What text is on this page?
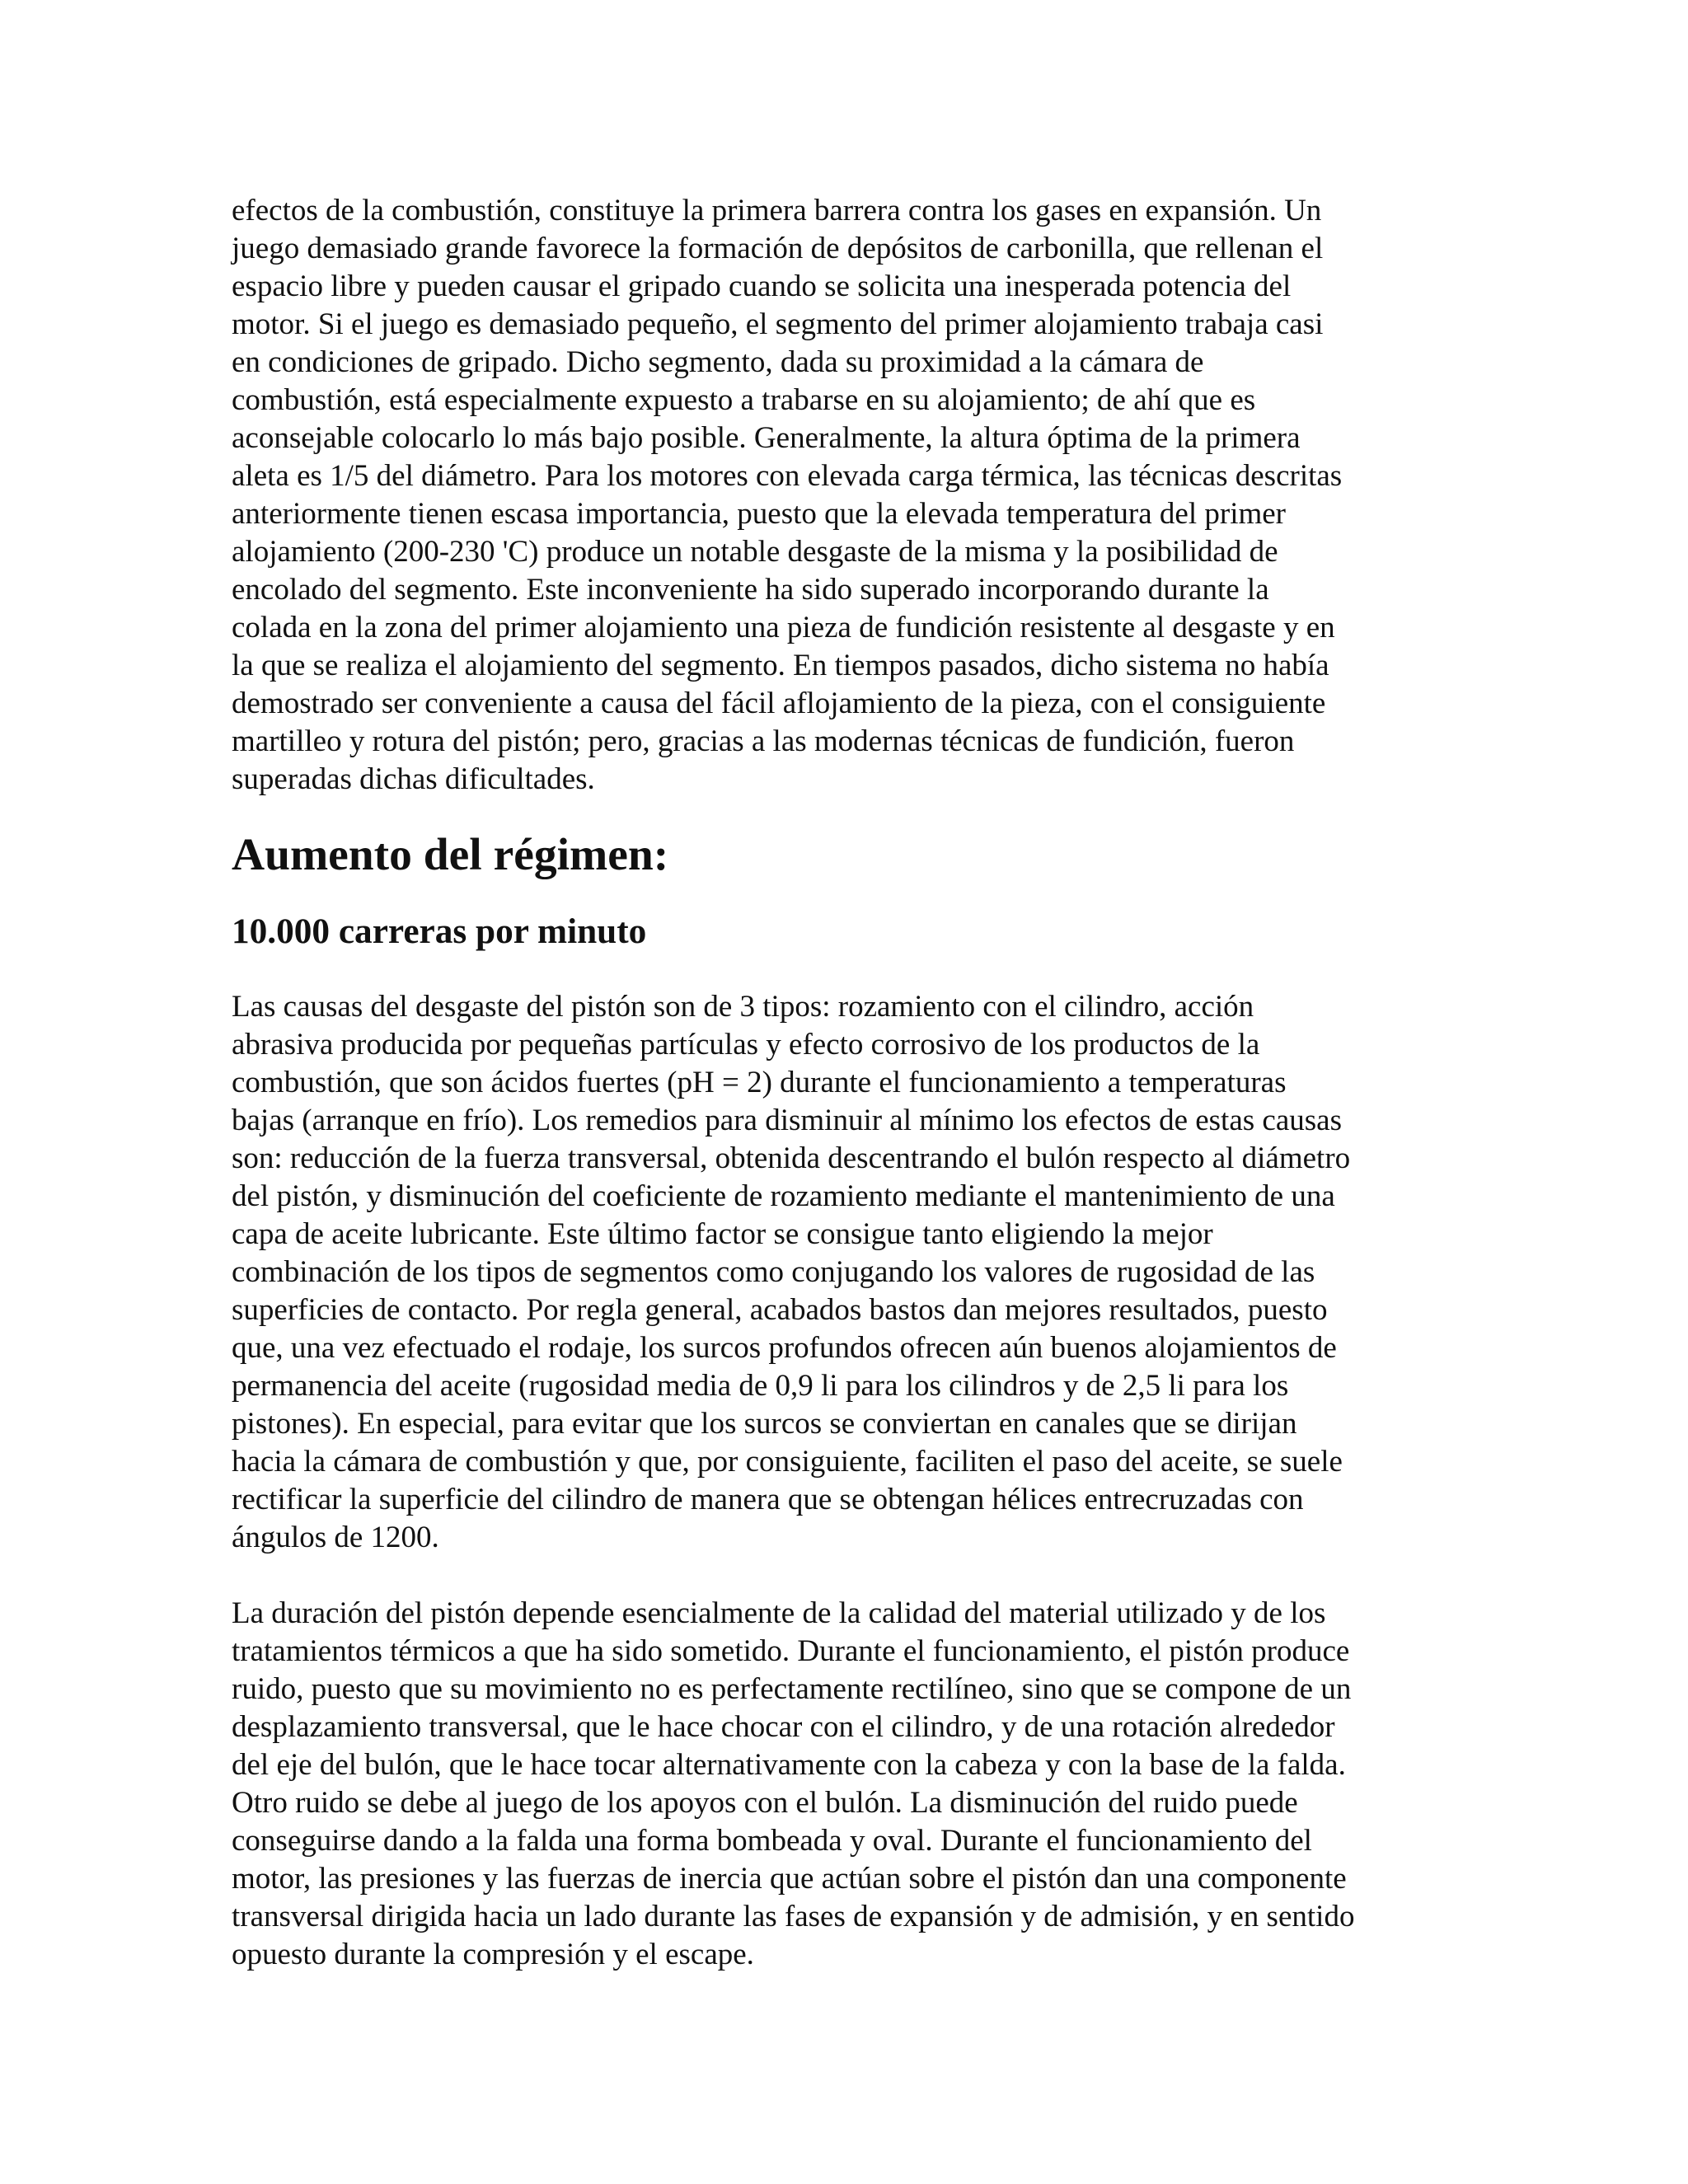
efectos de la combustión, constituye la primera barrera contra los gases en expansión. Un
juego demasiado grande favorece la formación de depósitos de carbonilla, que rellenan el
espacio libre y pueden causar el gripado cuando se solicita una inesperada potencia del
motor. Si el juego es demasiado pequeño, el segmento del primer alojamiento trabaja casi
en condiciones de gripado. Dicho segmento, dada su proximidad a la cámara de
combustión, está especialmente expuesto a trabarse en su alojamiento; de ahí que es
aconsejable colocarlo lo más bajo posible. Generalmente, la altura óptima de la primera
aleta es 1/5 del diámetro. Para los motores con elevada carga térmica, las técnicas descritas
anteriormente tienen escasa importancia, puesto que la elevada temperatura del primer
alojamiento (200-230 'C) produce un notable desgaste de la misma y la posibilidad de
encolado del segmento. Este inconveniente ha sido superado incorporando durante la
colada en la zona del primer alojamiento una pieza de fundición resistente al desgaste y en
la que se realiza el alojamiento del segmento. En tiempos pasados, dicho sistema no había
demostrado ser conveniente a causa del fácil aflojamiento de la pieza, con el consiguiente
martilleo y rotura del pistón; pero, gracias a las modernas técnicas de fundición, fueron
superadas dichas dificultades.

Aumento del régimen:
10.000 carreras por minuto

Las causas del desgaste del pistón son de 3 tipos: rozamiento con el cilindro, acción
abrasiva producida por pequeñas partículas y efecto corrosivo de los productos de la
combustión, que son ácidos fuertes (pH = 2) durante el funcionamiento a temperaturas
bajas (arranque en frío). Los remedios para disminuir al mínimo los efectos de estas causas
son: reducción de la fuerza transversal, obtenida descentrando el bulón respecto al diámetro
del pistón, y disminución del coeficiente de rozamiento mediante el mantenimiento de una
capa de aceite lubricante. Este último factor se consigue tanto eligiendo la mejor
combinación de los tipos de segmentos como conjugando los valores de rugosidad de las
superficies de contacto. Por regla general, acabados bastos dan mejores resultados, puesto
que, una vez efectuado el rodaje, los surcos profundos ofrecen aún buenos alojamientos de
permanencia del aceite (rugosidad media de 0,9 li para los cilindros y de 2,5 li para los
pistones). En especial, para evitar que los surcos se conviertan en canales que se dirijan
hacia la cámara de combustión y que, por consiguiente, faciliten el paso del aceite, se suele
rectificar la superficie del cilindro de manera que se obtengan hélices entrecruzadas con
ángulos de 1200.

La duración del pistón depende esencialmente de la calidad del material utilizado y de los
tratamientos térmicos a que ha sido sometido. Durante el funcionamiento, el pistón produce
ruido, puesto que su movimiento no es perfectamente rectilíneo, sino que se compone de un
desplazamiento transversal, que le hace chocar con el cilindro, y de una rotación alrededor
del eje del bulón, que le hace tocar alternativamente con la cabeza y con la base de la falda.
Otro ruido se debe al juego de los apoyos con el bulón. La disminución del ruido puede
conseguirse dando a la falda una forma bombeada y oval. Durante el funcionamiento del
motor, las presiones y las fuerzas de inercia que actúan sobre el pistón dan una componente
transversal dirigida hacia un lado durante las fases de expansión y de admisión, y en sentido
opuesto durante la compresión y el escape.
